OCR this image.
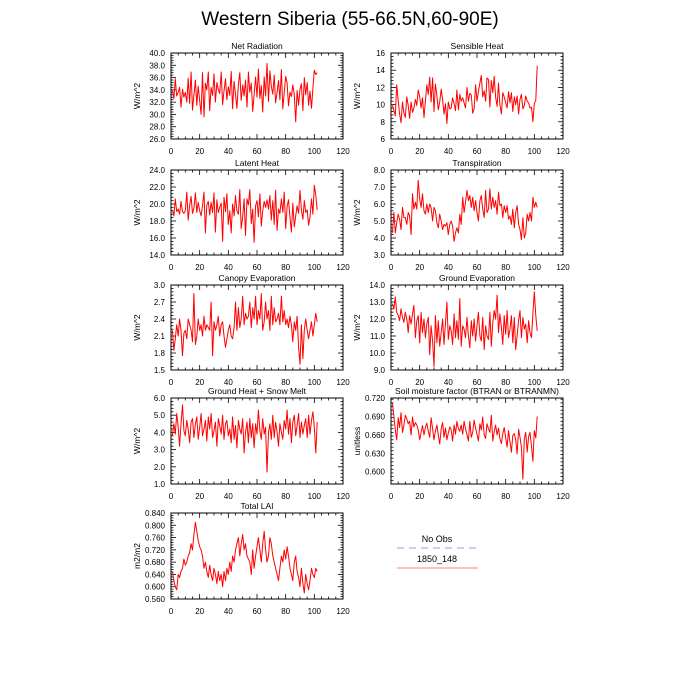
Western Siberia (55-66.5N,60-90E)
0	20 40 60 80 100 120
26.0
28.0
30.0
32.0
34.0
36.0
38.0
40.0
Net Radiation
W/m^2
0	20 40 60 80 100 120
6
8
10
12
14
16
Sensible Heat
W/m^2
0	20 40 60 80 100 120
14.0
16.0
18.0
20.0
22.0
24.0
Latent Heat
W/m^2
0	20 40 60 80 100 120
3.0
4.0
5.0
6.0
7.0
8.0
Transpiration
W/m^2
0	20 40 60 80 100 120
1.5
1.8
2.1
2.4
2.7
3.0
Canopy Evaporation
W/m^2
0	20 40 60 80 100 120
9.0
10.0
11.0
12.0
13.0
14.0
Ground Evaporation
W/m^2
0	20 40 60 80 100 120
1.0
2.0
3.0
4.0
5.0
6.0
Ground Heat + Snow Melt
W/m^2
0	20 40 60 80 100 120
0.600
0.630
0.660
0.690
0.720
Soil moisture factor (BTRAN or BTRANMN)
unitless
0	20 40 60 80 100 120
0.560
0.600
0.640
0.680
0.720
0.760
0.800
0.840
Total LAI
m2/m2
No Obs
1850_148
